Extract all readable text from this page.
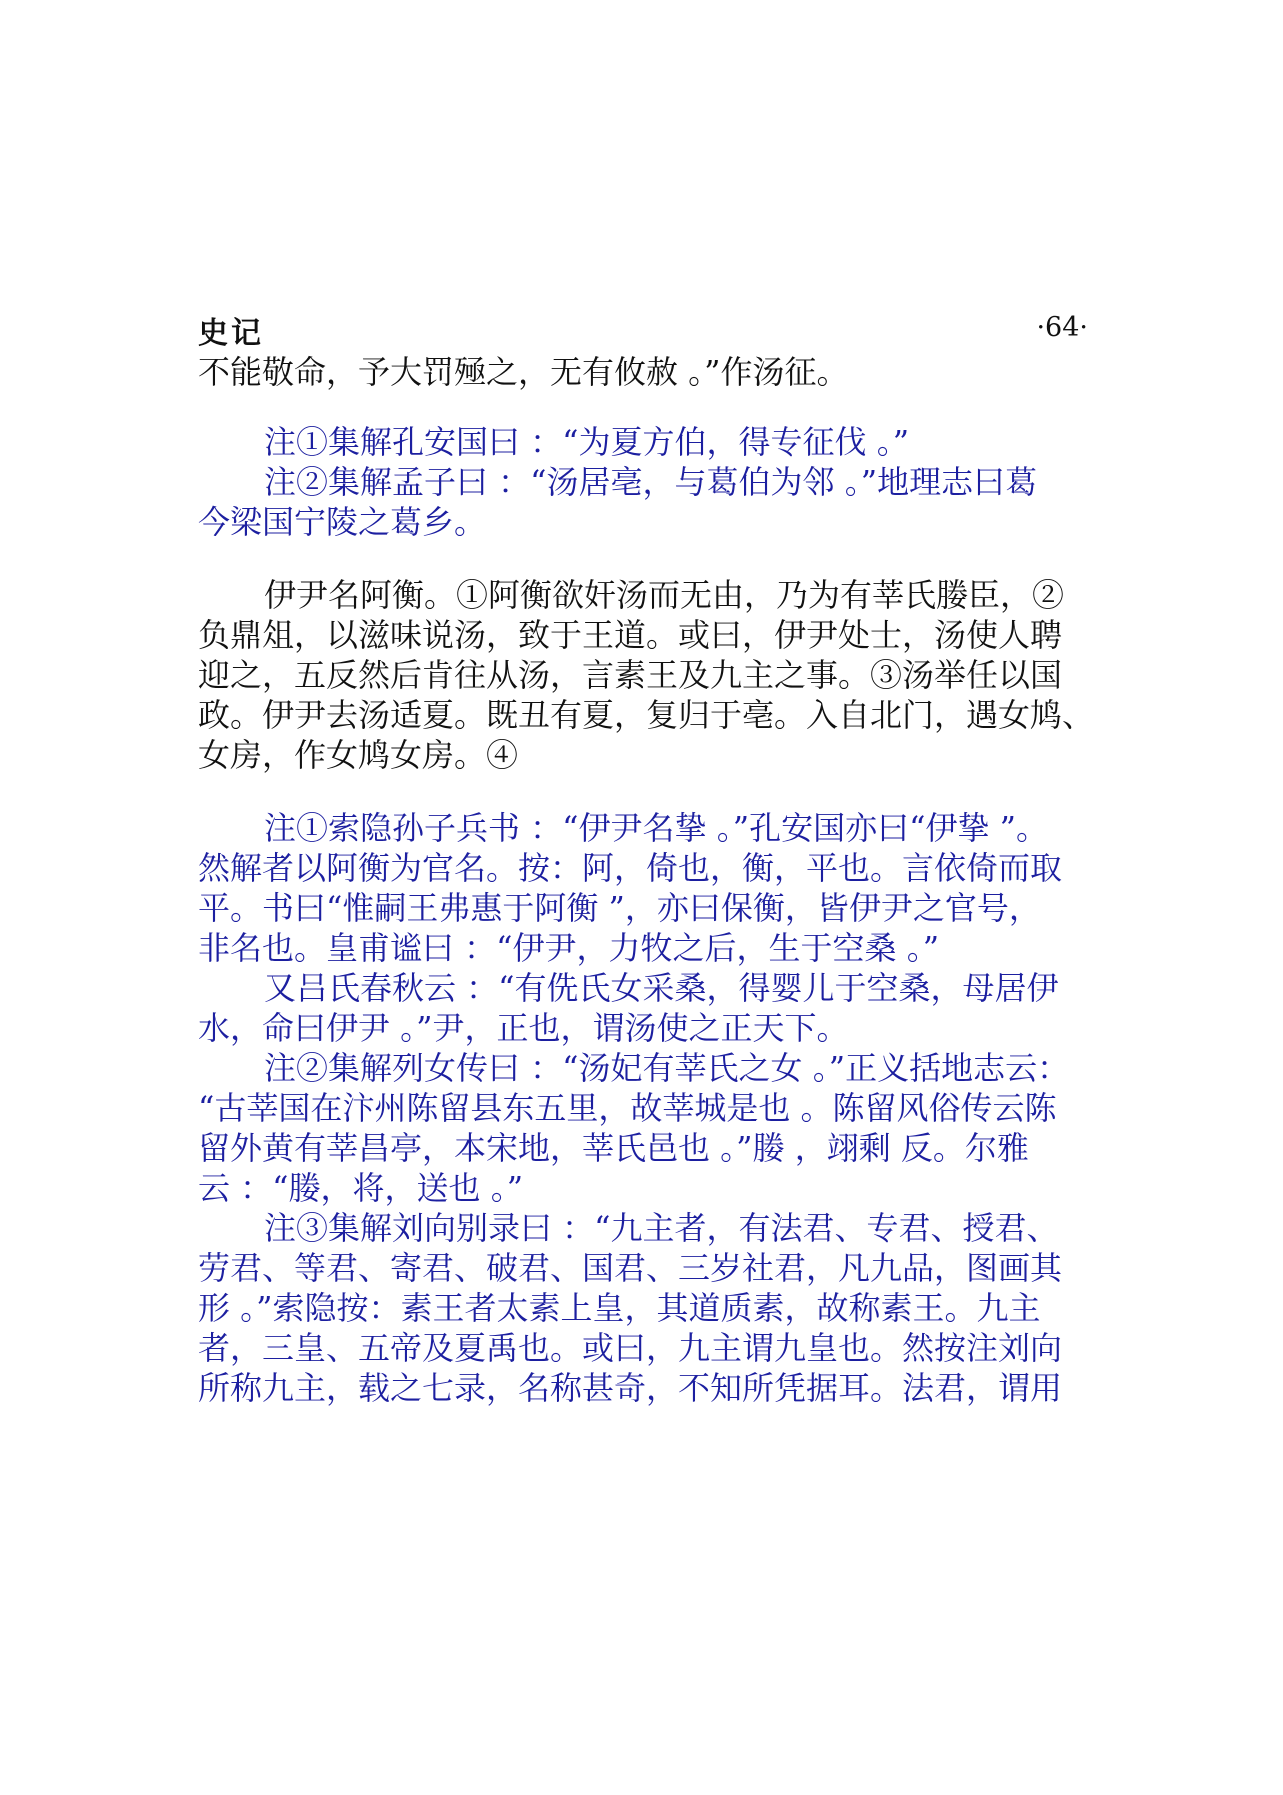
史记	·64·
不能敬命，予大罚殛之，无有攸赦 。”作汤征。
注①集解孔安国曰 ：“为夏方伯，得专征伐 。”
注②集解孟子曰 ：“汤居亳，与葛伯为邻 。”地理志曰葛
今梁国宁陵之葛乡。
伊尹名阿衡。①阿衡欲奸汤而无由，乃为有莘氏媵臣，②
负鼎俎，以滋味说汤，致于王道。或曰，伊尹处士，汤使人聘
迎之，五反然后肯往从汤，言素王及九主之事。③汤举任以国
政。伊尹去汤适夏。既丑有夏，复归于亳。入自北门，遇女鸠、
女房，作女鸠女房。④
注①索隐孙子兵书 ：“伊尹名挚 。”孔安国亦曰“伊挚 ”。
然解者以阿衡为官名。按：阿，倚也，衡，平也。言依倚而取
平。书曰“惟嗣王弗惠于阿衡 ”，亦曰保衡，皆伊尹之官号，
非名也。皇甫谧曰 ：“伊尹，力牧之后，生于空桑 。”
又吕氏春秋云 ：“有侁氏女采桑，得婴儿于空桑，母居伊
水，命曰伊尹 。”尹，正也，谓汤使之正天下。
注②集解列女传曰 ：“汤妃有莘氏之女 。”正义括地志云：
“古莘国在汴州陈留县东五里，故莘城是也 。陈留风俗传云陈
留外黄有莘昌亭，本宋地，莘氏邑也 。”媵 ，翊剩 反。尔雅
云 ：“媵，将，送也 。”
注③集解刘向别录曰 ：“九主者，有法君、专君、授君、
劳君、等君、寄君、破君、国君、三岁社君，凡九品，图画其
形 。”索隐按：素王者太素上皇，其道质素，故称素王。九主
者，三皇、五帝及夏禹也。或曰，九主谓九皇也。然按注刘向
所称九主，载之七录，名称甚奇，不知所凭据耳。法君，谓用
